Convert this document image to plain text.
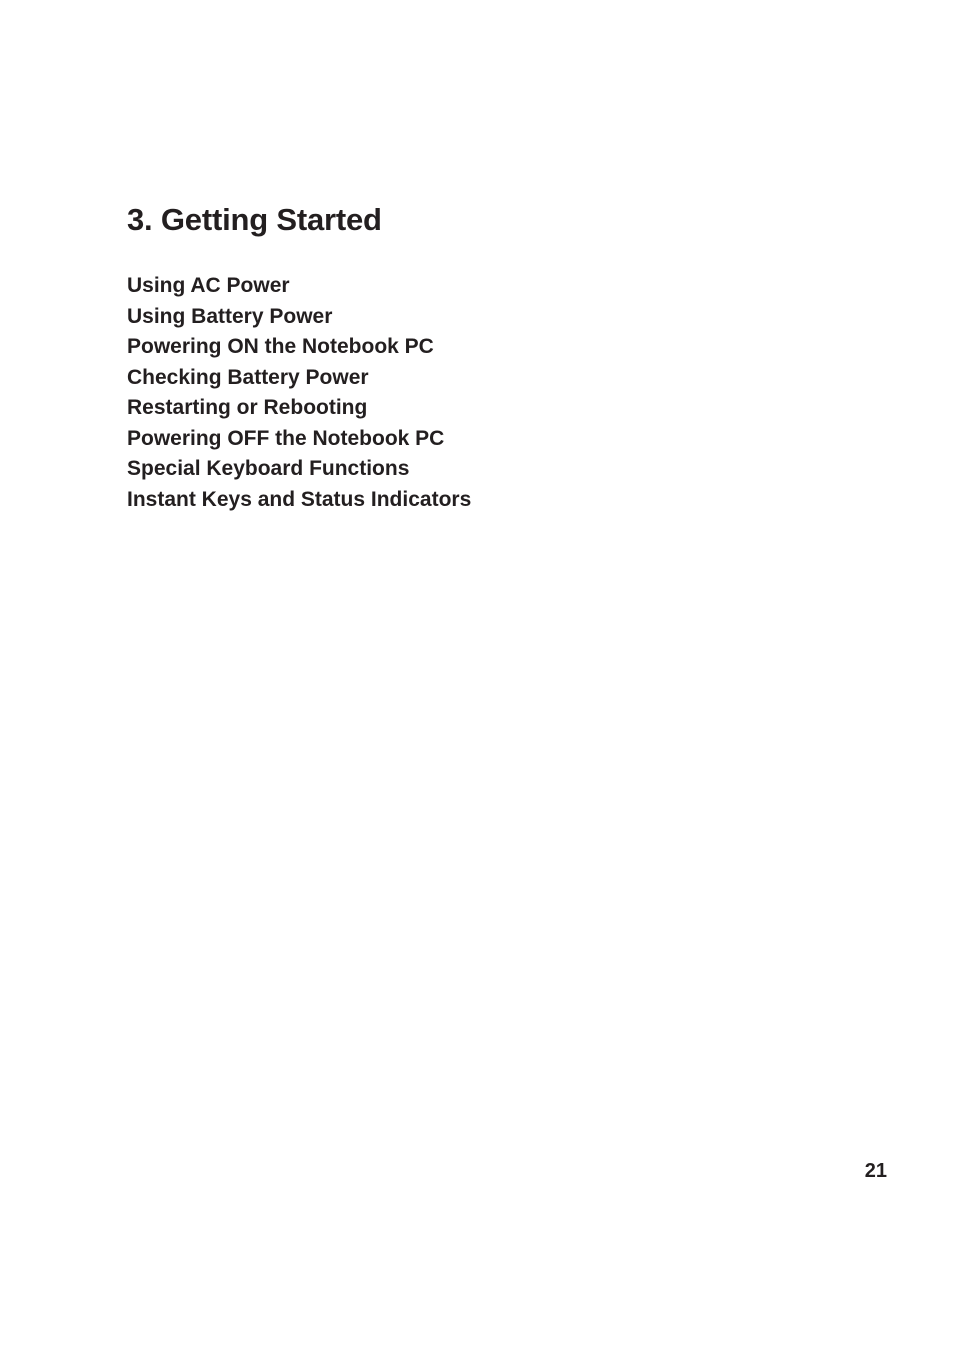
3. Getting Started
Using AC Power
Using Battery Power
Powering ON the Notebook PC
Checking Battery Power
Restarting or Rebooting
Powering OFF the Notebook PC
Special Keyboard Functions
Instant Keys and Status Indicators
21
